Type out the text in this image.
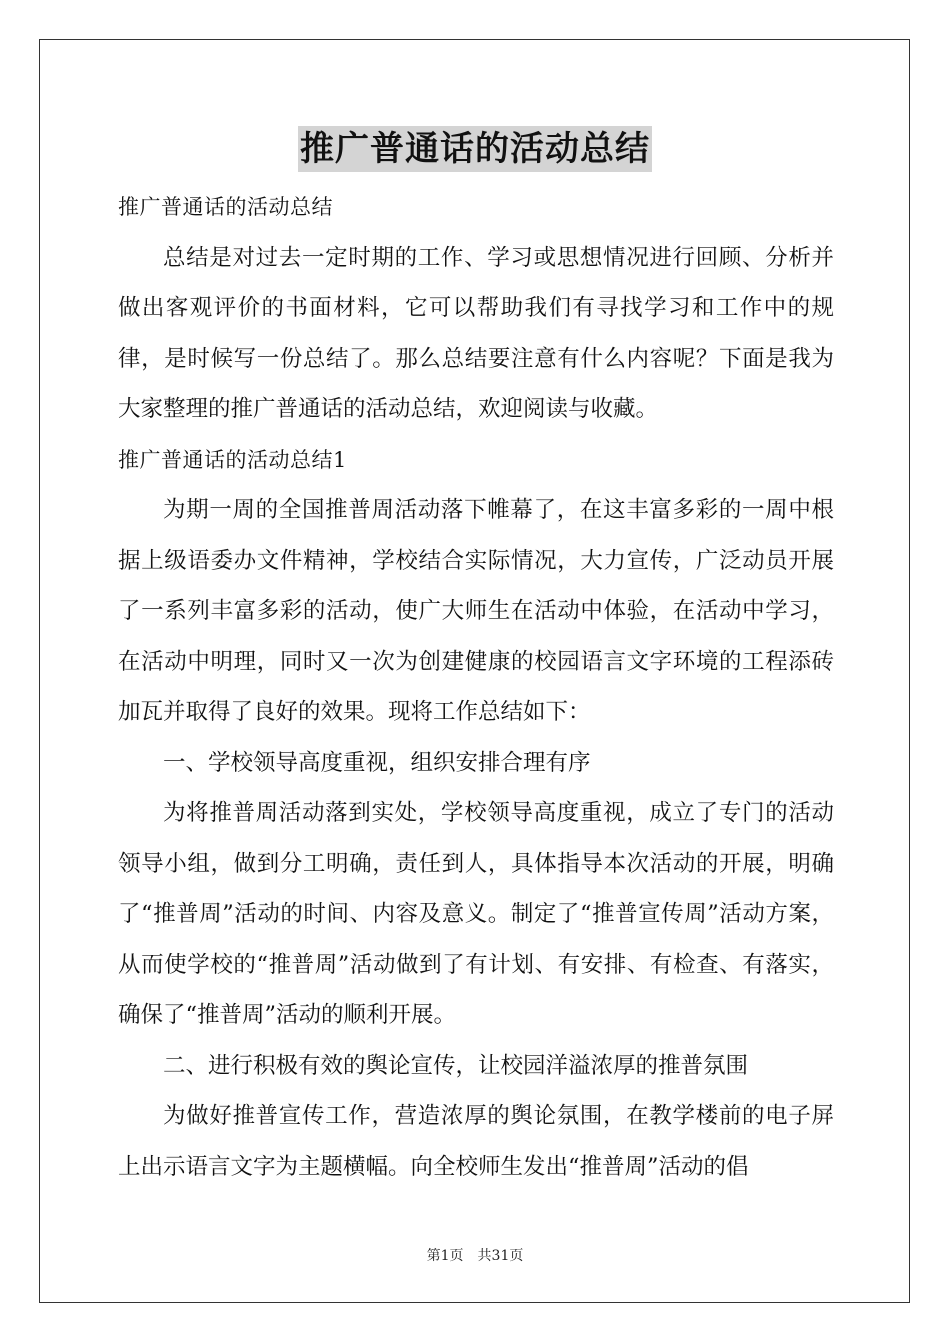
推广普通话的活动总结

推广普通话的活动总结

总结是对过去一定时期的工作、学习或思想情况进行回顾、分析并做出客观评价的书面材料，它可以帮助我们有寻找学习和工作中的规律，是时候写一份总结了。那么总结要注意有什么内容呢？下面是我为大家整理的推广普通话的活动总结，欢迎阅读与收藏。

推广普通话的活动总结1

为期一周的全国推普周活动落下帷幕了，在这丰富多彩的一周中根据上级语委办文件精神，学校结合实际情况，大力宣传，广泛动员开展了一系列丰富多彩的活动，使广大师生在活动中体验，在活动中学习，在活动中明理，同时又一次为创建健康的校园语言文字环境的工程添砖加瓦并取得了良好的效果。现将工作总结如下：

一、学校领导高度重视，组织安排合理有序

为将推普周活动落到实处，学校领导高度重视，成立了专门的活动领导小组，做到分工明确，责任到人，具体指导本次活动的开展，明确了“推普周”活动的时间、内容及意义。制定了“推普宣传周”活动方案，从而使学校的“推普周”活动做到了有计划、有安排、有检查、有落实，确保了“推普周”活动的顺利开展。

二、进行积极有效的舆论宣传，让校园洋溢浓厚的推普氛围

为做好推普宣传工作，营造浓厚的舆论氛围，在教学楼前的电子屏上出示语言文字为主题横幅。向全校师生发出“推普周”活动的倡

第1页 共31页
